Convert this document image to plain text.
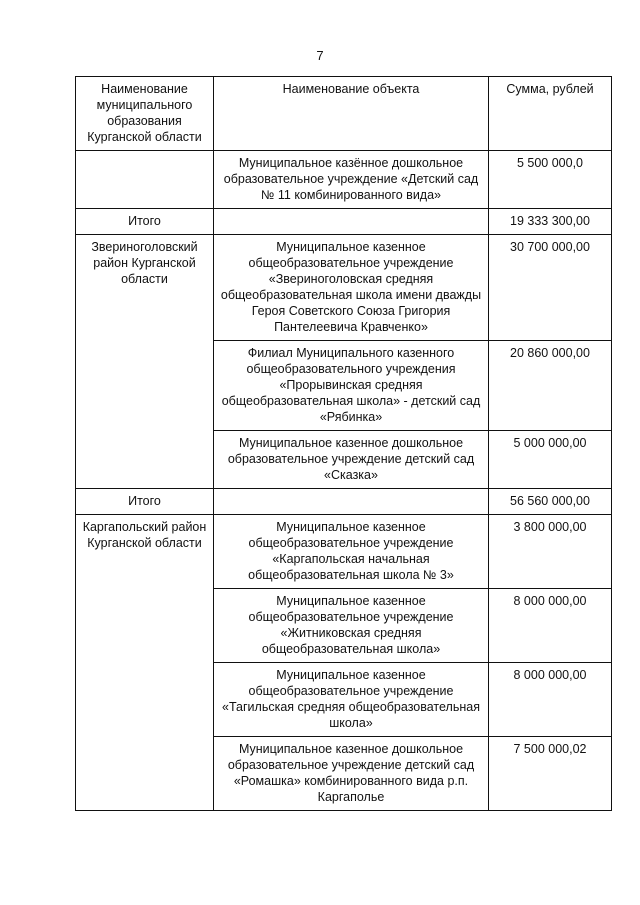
7
Наименование муниципального образования Курганской области	Наименование объекта	Сумма, рублей
	Муниципальное казённое дошкольное образовательное учреждение «Детский сад № 11 комбинированного вида»	5 500 000,0
Итого		19 333 300,00
Звериноголовский район Курганской области	Муниципальное казенное общеобразовательное учреждение «Звериноголовская средняя общеобразовательная школа имени дважды Героя Советского Союза Григория Пантелеевича Кравченко»	30 700 000,00
	Филиал Муниципального казенного общеобразовательного учреждения «Прорывинская средняя общеобразовательная школа» - детский сад «Рябинка»	20 860 000,00
	Муниципальное казенное дошкольное образовательное учреждение детский сад «Сказка»	5 000 000,00
Итого		56 560 000,00
Каргапольский район Курганской области	Муниципальное казенное общеобразовательное учреждение «Каргапольская начальная общеобразовательная школа № 3»	3 800 000,00
	Муниципальное казенное общеобразовательное учреждение «Житниковская средняя общеобразовательная школа»	8 000 000,00
	Муниципальное казенное общеобразовательное учреждение «Тагильская средняя общеобразовательная школа»	8 000 000,00
	Муниципальное казенное дошкольное образовательное учреждение детский сад «Ромашка» комбинированного вида р.п. Каргаполье	7 500 000,02
